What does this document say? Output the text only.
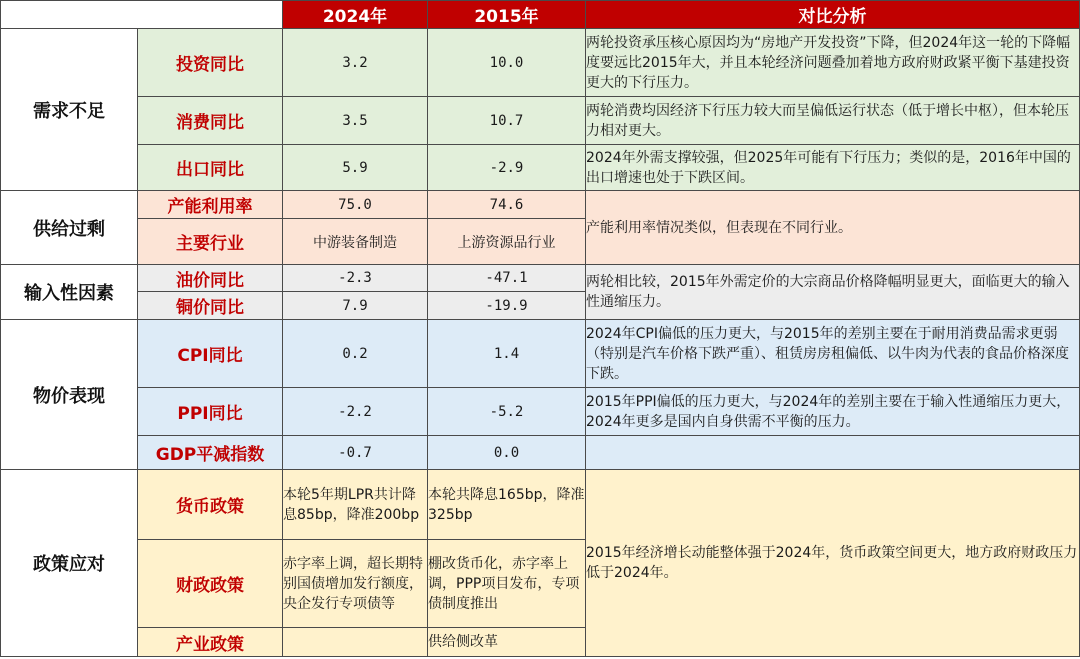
		2024年	2015年	对比分析
需求不足	投资同比	3.2	10.0	两轮投资承压核心原因均为“房地产开发投资”下降，但2024年这一轮的下降幅度要远比2015年大，并且本轮经济问题叠加着地方政府财政紧平衡下基建投资更大的下行压力。
	消费同比	3.5	10.7	两轮消费均因经济下行压力较大而呈偏低运行状态（低于增长中枢），但本轮压力相对更大。
	出口同比	5.9	-2.9	2024年外需支撑较强，但2025年可能有下行压力；类似的是，2016年中国的出口增速也处于下跌区间。
供给过剩	产能利用率	75.0	74.6	产能利用率情况类似，但表现在不同行业。
	主要行业	中游装备制造	上游资源品行业	
输入性因素	油价同比	-2.3	-47.1	两轮相比较，2015年外需定价的大宗商品价格降幅明显更大，面临更大的输入性通缩压力。
	铜价同比	7.9	-19.9	
物价表现	CPI同比	0.2	1.4	2024年CPI偏低的压力更大，与2015年的差别主要在于耐用消费品需求更弱（特别是汽车价格下跌严重）、租赁房房租偏低、以牛肉为代表的食品价格深度下跌。
	PPI同比	-2.2	-5.2	2015年PPI偏低的压力更大，与2024年的差别主要在于输入性通缩压力更大，2024年更多是国内自身供需不平衡的压力。
	GDP平减指数	-0.7	0.0	
政策应对	货币政策	本轮5年期LPR共计降息85bp，降准200bp	本轮共降息165bp，降准325bp	2015年经济增长动能整体强于2024年，货币政策空间更大，地方政府财政压力低于2024年。
	财政政策	赤字率上调，超长期特别国债增加发行额度，央企发行专项债等	棚改货币化，赤字率上调，PPP项目发布，专项债制度推出	
	产业政策		供给侧改革	
